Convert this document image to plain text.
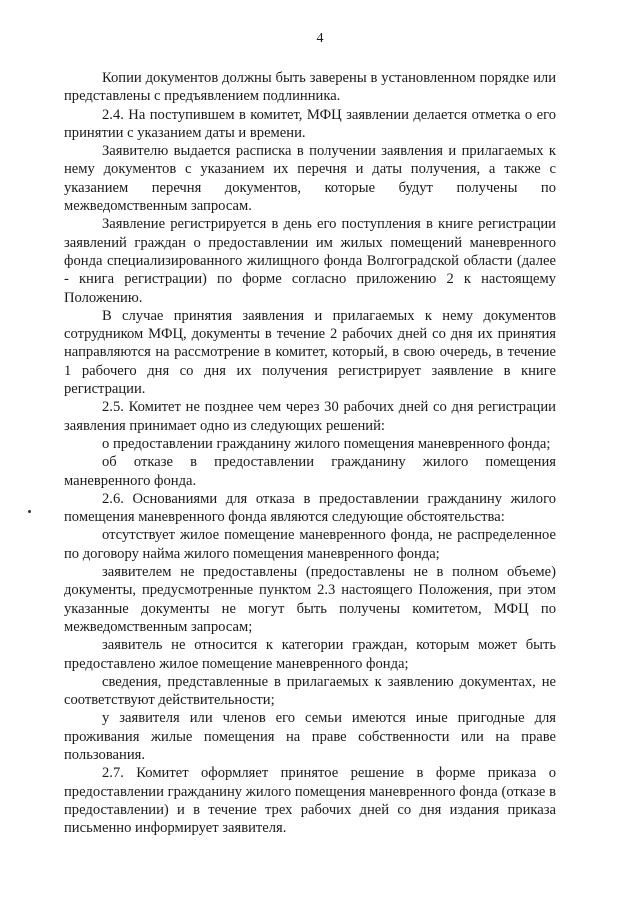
4

Копии документов должны быть заверены в установленном порядке или представлены с предъявлением подлинника.

2.4. На поступившем в комитет, МФЦ заявлении делается отметка о его принятии с указанием даты и времени.

Заявителю выдается расписка в получении заявления и прилагаемых к нему документов с указанием их перечня и даты получения, а также с указанием перечня документов, которые будут получены по межведомственным запросам.

Заявление регистрируется в день его поступления в книге регистрации заявлений граждан о предоставлении им жилых помещений маневренного фонда специализированного жилищного фонда Волгоградской области (далее - книга регистрации) по форме согласно приложению 2 к настоящему Положению.

В случае принятия заявления и прилагаемых к нему документов сотрудником МФЦ, документы в течение 2 рабочих дней со дня их принятия направляются на рассмотрение в комитет, который, в свою очередь, в течение 1 рабочего дня со дня их получения регистрирует заявление в книге регистрации.

2.5. Комитет не позднее чем через 30 рабочих дней со дня регистрации заявления принимает одно из следующих решений:

о предоставлении гражданину жилого помещения маневренного фонда;

об отказе в предоставлении гражданину жилого помещения маневренного фонда.

2.6. Основаниями для отказа в предоставлении гражданину жилого помещения маневренного фонда являются следующие обстоятельства:

отсутствует жилое помещение маневренного фонда, не распределенное по договору найма жилого помещения маневренного фонда;

заявителем не предоставлены (предоставлены не в полном объеме) документы, предусмотренные пунктом 2.3 настоящего Положения, при этом указанные документы не могут быть получены комитетом, МФЦ по межведомственным запросам;

заявитель не относится к категории граждан, которым может быть предоставлено жилое помещение маневренного фонда;

сведения, представленные в прилагаемых к заявлению документах, не соответствуют действительности;

у заявителя или членов его семьи имеются иные пригодные для проживания жилые помещения на праве собственности или на праве пользования.

2.7. Комитет оформляет принятое решение в форме приказа о предоставлении гражданину жилого помещения маневренного фонда (отказе в предоставлении) и в течение трех рабочих дней со дня издания приказа письменно информирует заявителя.
